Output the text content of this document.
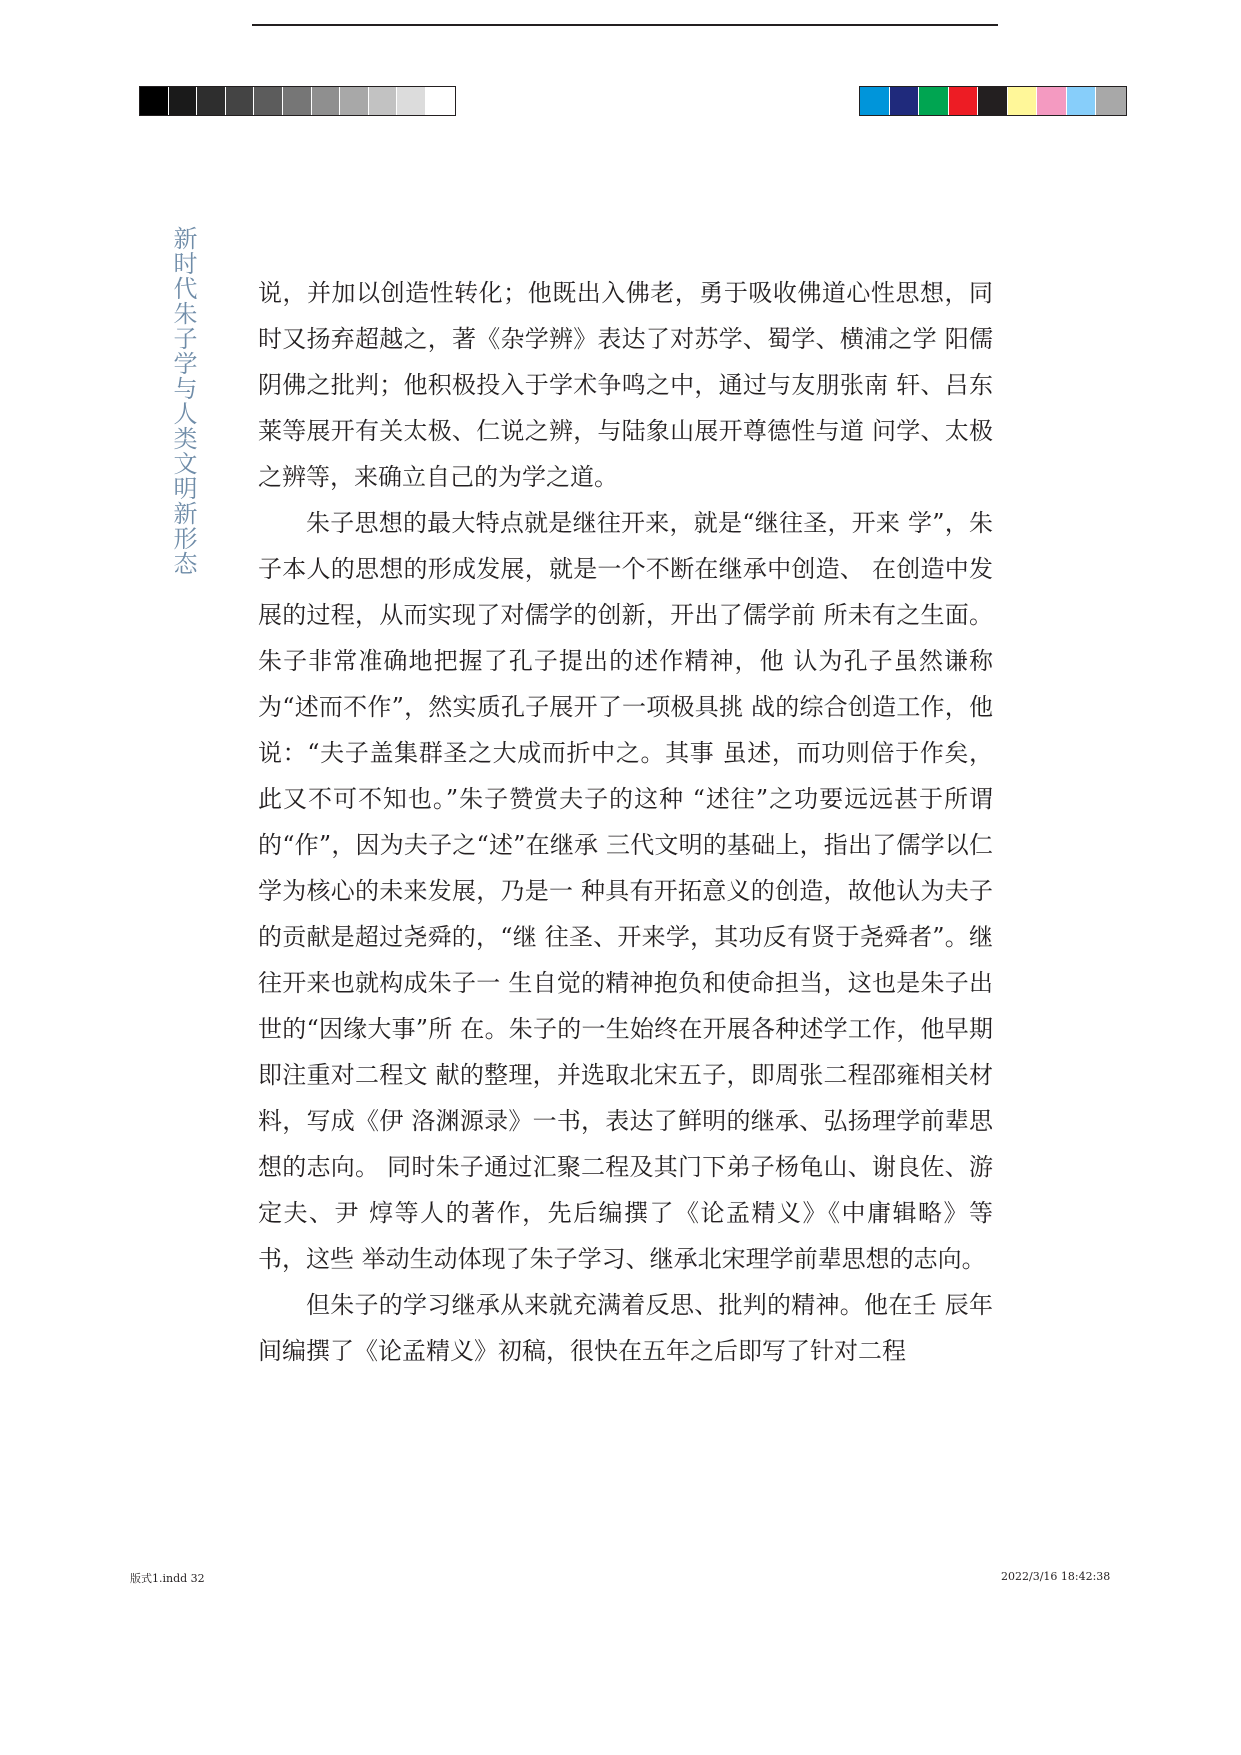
新时代朱子学与人类文明新形态	说，并加以创造性转化；他既出入佛老，勇于吸收佛道心性思想，同时又扬弃超越之，著《杂学辨》表达了对苏学、蜀学、横浦之学 阳儒阴佛之批判；他积极投入于学术争鸣之中，通过与友朋张南 轩、吕东莱等展开有关太极、仁说之辨，与陆象山展开尊德性与道 问学、太极之辨等，来确立自己的为学之道。

朱子思想的最大特点就是继往开来，就是“继往圣，开来 学”，朱子本人的思想的形成发展，就是一个不断在继承中创造、 在创造中发展的过程，从而实现了对儒学的创新，开出了儒学前 所未有之生面。朱子非常准确地把握了孔子提出的述作精神，他 认为孔子虽然谦称为“述而不作”，然实质孔子展开了一项极具挑 战的综合创造工作，他说：“夫子盖集群圣之大成而折中之。其事 虽述，而功则倍于作矣，此又不可不知也。”朱子赞赏夫子的这种 “述往”之功要远远甚于所谓的“作”，因为夫子之“述”在继承 三代文明的基础上，指出了儒学以仁学为核心的未来发展，乃是一 种具有开拓意义的创造，故他认为夫子的贡献是超过尧舜的，“继 往圣、开来学，其功反有贤于尧舜者”。继往开来也就构成朱子一 生自觉的精神抱负和使命担当，这也是朱子出世的“因缘大事”所 在。朱子的一生始终在开展各种述学工作，他早期即注重对二程文 献的整理，并选取北宋五子，即周张二程邵雍相关材料，写成《伊 洛渊源录》一书，表达了鲜明的继承、弘扬理学前辈思想的志向。 同时朱子通过汇聚二程及其门下弟子杨龟山、谢良佐、游定夫、尹 焞等人的著作，先后编撰了《论孟精义》《中庸辑略》等书，这些 举动生动体现了朱子学习、继承北宋理学前辈思想的志向。

但朱子的学习继承从来就充满着反思、批判的精神。他在壬 辰年间编撰了《论孟精义》初稿，很快在五年之后即写了针对二程

版式1.indd 32	2022/3/16 18:42:38
